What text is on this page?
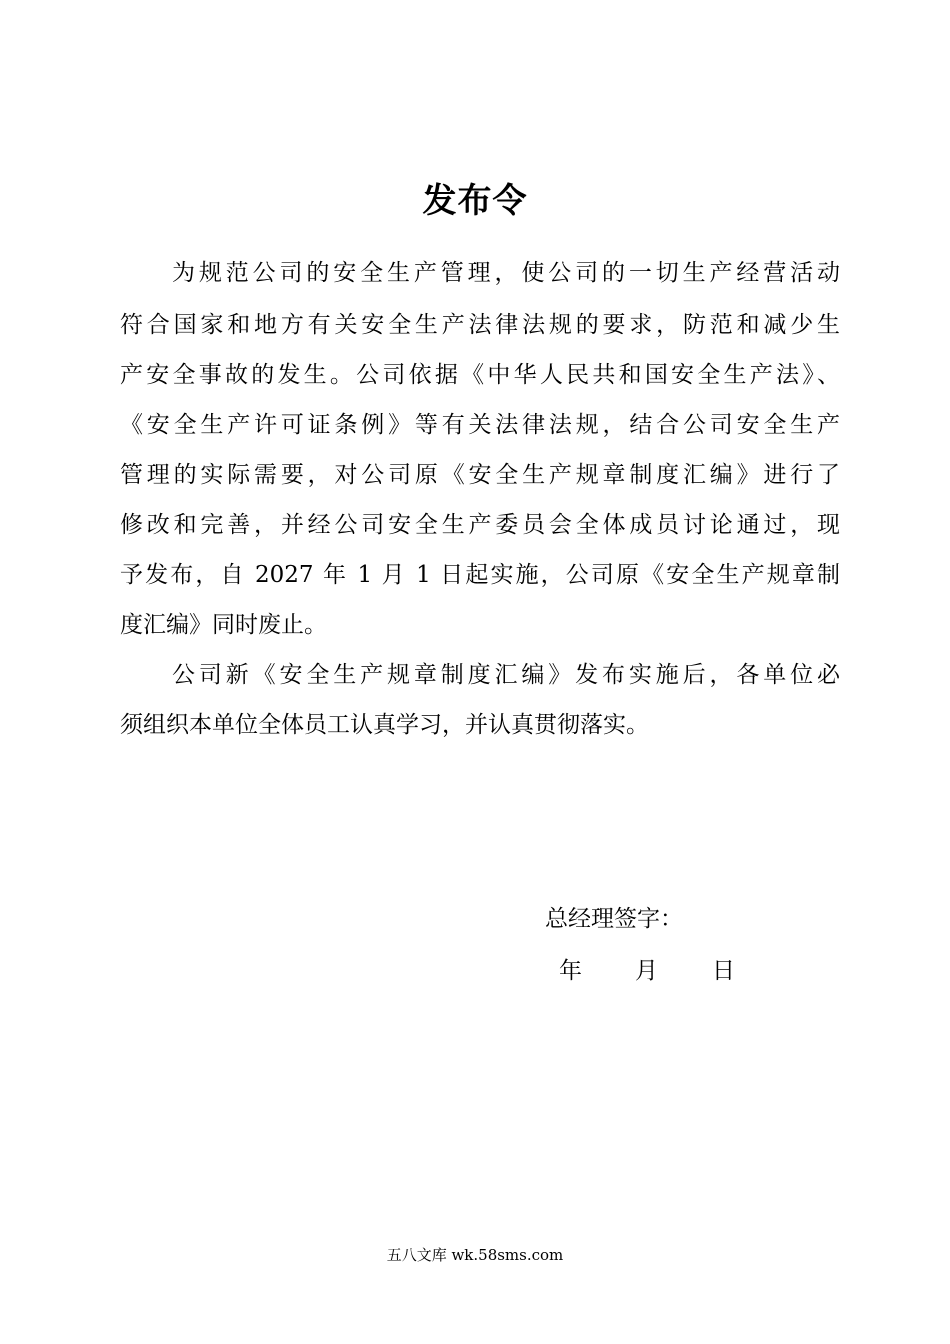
发布令
为规范公司的安全生产管理，使公司的一切生产经营活动
符合国家和地方有关安全生产法律法规的要求，防范和减少生
产安全事故的发生。公司依据《中华人民共和国安全生产法》、
《安全生产许可证条例》等有关法律法规，结合公司安全生产
管理的实际需要，对公司原《安全生产规章制度汇编》进行了
修改和完善，并经公司安全生产委员会全体成员讨论通过，现
予发布，自 2027 年 1 月 1 日起实施，公司原《安全生产规章制
度汇编》同时废止。
公司新《安全生产规章制度汇编》发布实施后，各单位必
须组织本单位全体员工认真学习，并认真贯彻落实。
总经理签字：
年 月 日
五八文库 wk.58sms.com
